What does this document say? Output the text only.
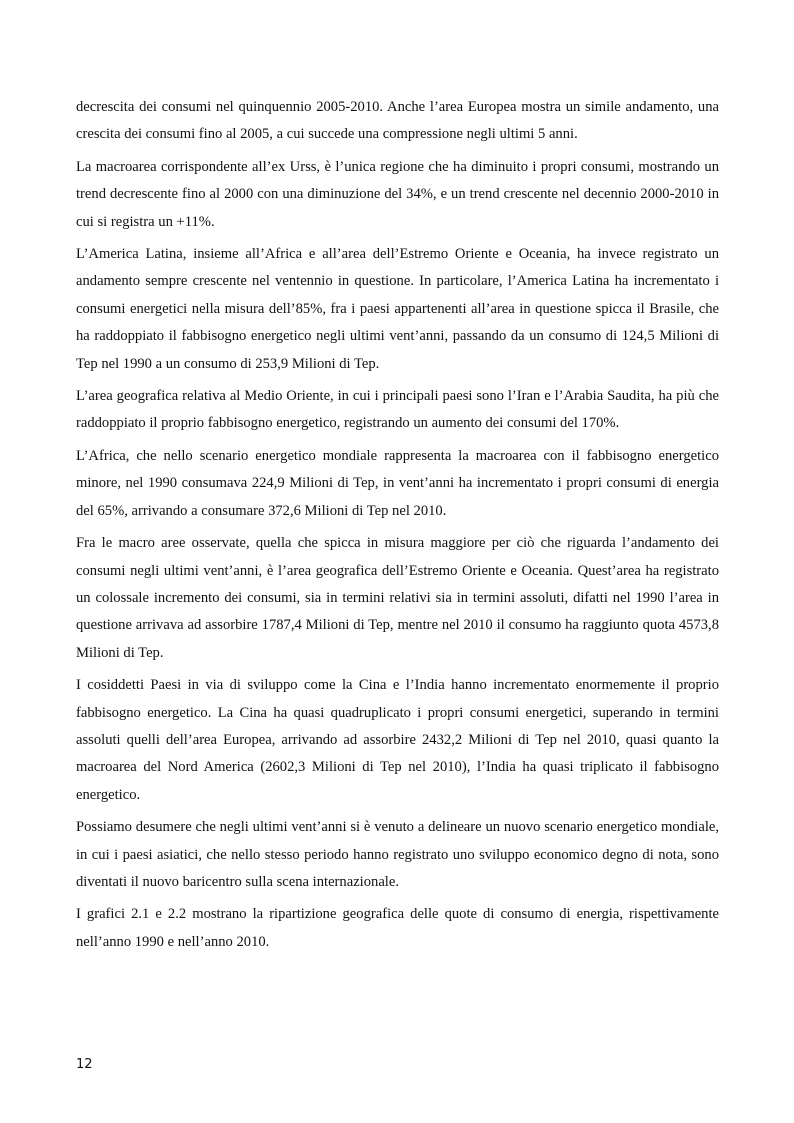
decrescita dei consumi nel quinquennio 2005-2010. Anche l’area Europea mostra un simile andamento, una crescita dei consumi fino al 2005, a cui succede una compressione negli ultimi 5 anni.

La macroarea corrispondente all’ex Urss, è l’unica regione che ha diminuito i propri consumi, mostrando un trend decrescente fino al 2000 con una diminuzione del 34%, e un trend crescente nel decennio 2000-2010 in cui si registra un +11%.

L’America Latina, insieme all’Africa e all’area dell’Estremo Oriente e Oceania, ha invece registrato un andamento sempre crescente nel ventennio in questione. In particolare, l’America Latina ha incrementato i consumi energetici nella misura dell’85%, fra i paesi appartenenti all’area in questione spicca il Brasile, che ha raddoppiato il fabbisogno energetico negli ultimi vent’anni, passando da un consumo di 124,5 Milioni di Tep nel 1990 a un consumo di 253,9 Milioni di Tep.

L’area geografica relativa al Medio Oriente, in cui i principali paesi sono l’Iran e l’Arabia Saudita, ha più che raddoppiato il proprio fabbisogno energetico, registrando un aumento dei consumi del 170%.

L’Africa, che nello scenario energetico mondiale rappresenta la macroarea con il fabbisogno energetico minore, nel 1990 consumava 224,9 Milioni di Tep, in vent’anni ha incrementato i propri consumi di energia del 65%, arrivando a consumare 372,6 Milioni di Tep nel 2010.

Fra le macro aree osservate, quella che spicca in misura maggiore per ciò che riguarda l’andamento dei consumi negli ultimi vent’anni, è l’area geografica dell’Estremo Oriente e Oceania. Quest’area ha registrato un colossale incremento dei consumi, sia in termini relativi sia in termini assoluti, difatti nel 1990 l’area in questione arrivava ad assorbire 1787,4 Milioni di Tep, mentre nel 2010 il consumo ha raggiunto quota 4573,8 Milioni di Tep.

I cosiddetti Paesi in via di sviluppo come la Cina e l’India hanno incrementato enormemente il proprio fabbisogno energetico. La Cina ha quasi quadruplicato i propri consumi energetici, superando in termini assoluti quelli dell’area Europea, arrivando ad assorbire 2432,2 Milioni di Tep nel 2010, quasi quanto la macroarea del Nord America (2602,3 Milioni di Tep nel 2010), l’India ha quasi triplicato il fabbisogno energetico.

Possiamo desumere che negli ultimi vent’anni si è venuto a delineare un nuovo scenario energetico mondiale, in cui i paesi asiatici, che nello stesso periodo hanno registrato uno sviluppo economico degno di nota, sono diventati il nuovo baricentro sulla scena internazionale.

I grafici 2.1 e 2.2 mostrano la ripartizione geografica delle quote di consumo di energia, rispettivamente nell’anno 1990 e nell’anno 2010.

12
